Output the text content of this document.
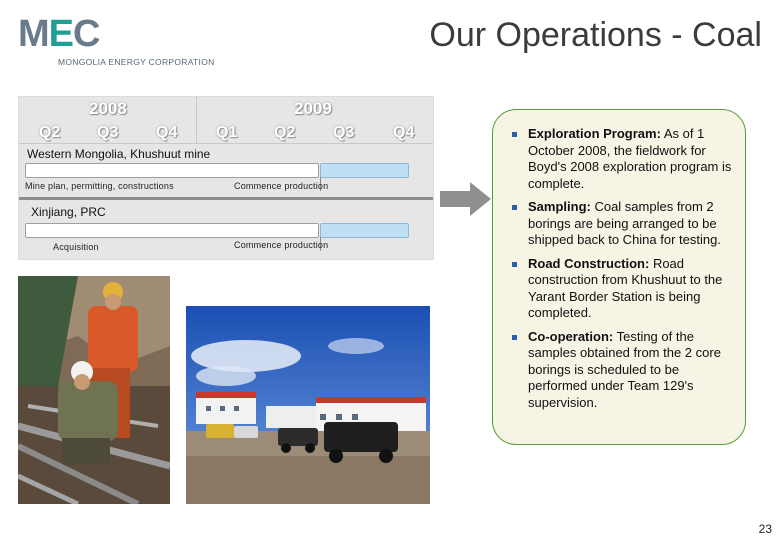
MEC
MONGOLIA ENERGY CORPORATION
Our Operations - Coal
2008	2009
Q2 Q3 Q4 Q1 Q2 Q3 Q4
Western Mongolia, Khushuut mine
Mine plan, permitting, constructions	Commence production
Xinjiang, PRC
Acquisition	Commence production
Exploration Program: As of 1 October 2008, the fieldwork for Boyd's 2008 exploration program is complete.
Sampling: Coal samples from 2 borings are being arranged to be shipped back to China for testing.
Road Construction: Road construction from Khushuut to the Yarant Border Station is being completed.
Co-operation: Testing of the samples obtained from the 2 core borings is scheduled to be performed under Team 129's supervision.
23
